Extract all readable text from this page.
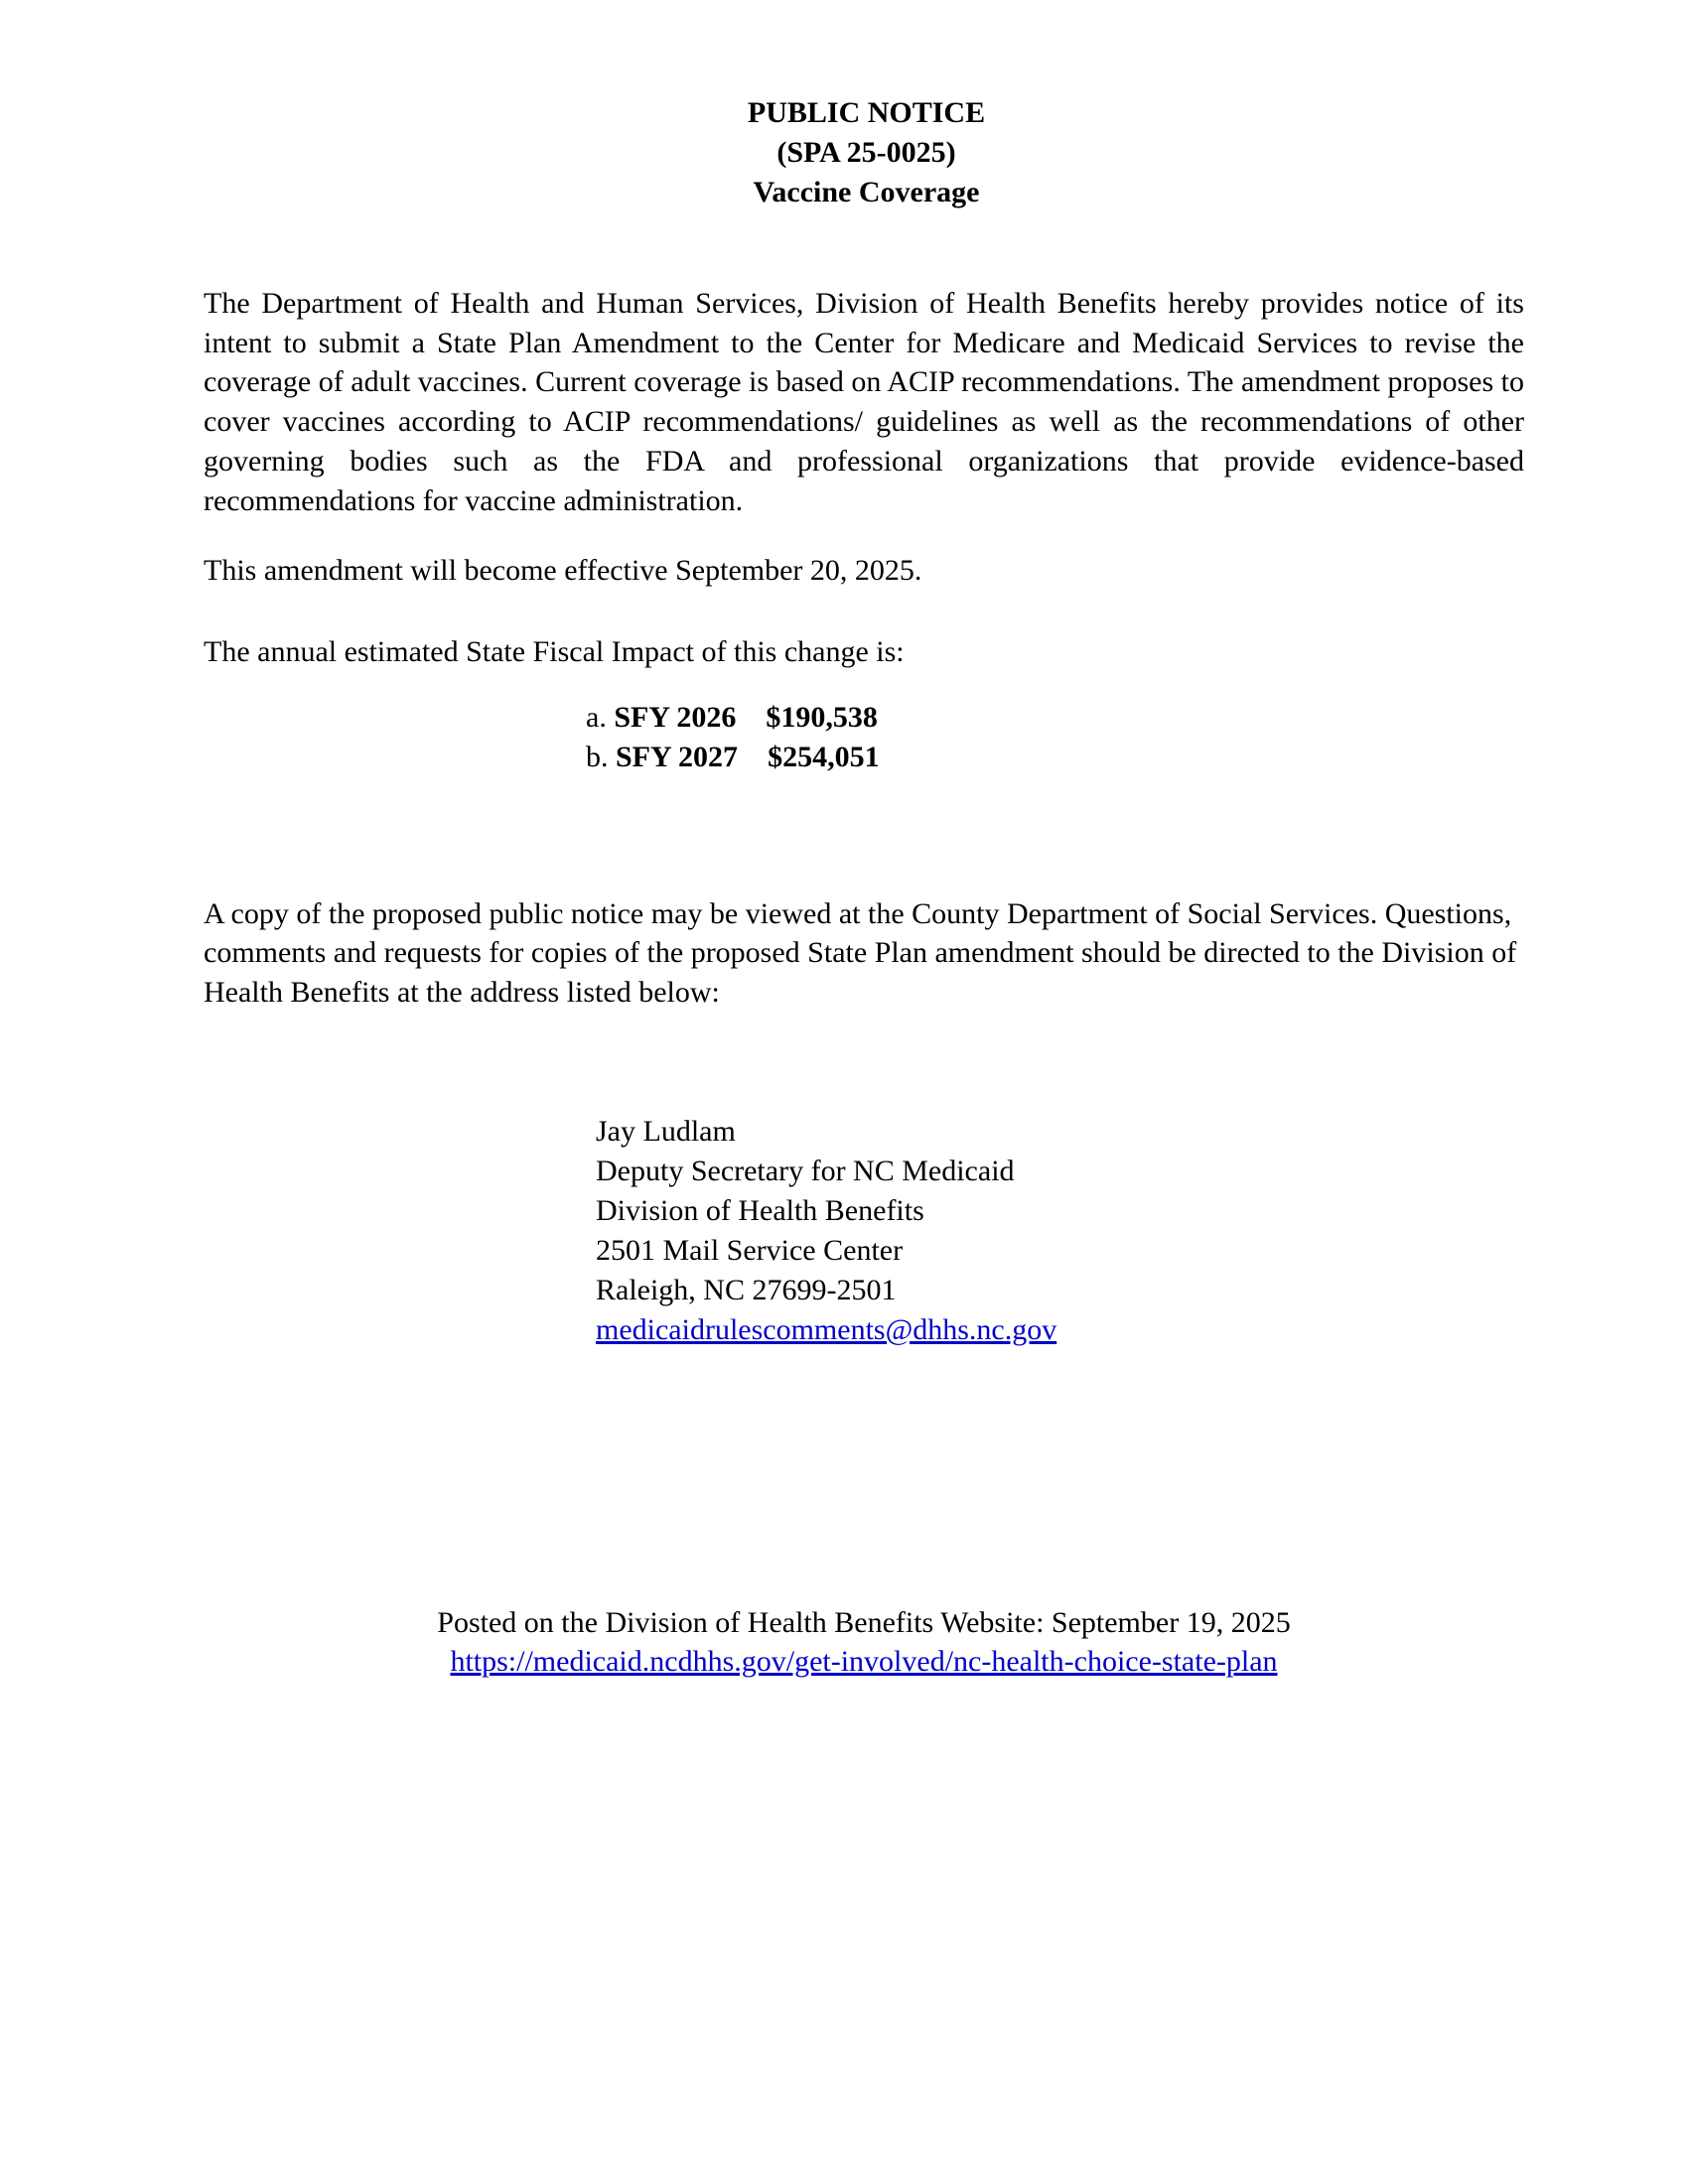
PUBLIC NOTICE
(SPA 25-0025)
Vaccine Coverage

The Department of Health and Human Services, Division of Health Benefits hereby provides notice of its intent to submit a State Plan Amendment to the Center for Medicare and Medicaid Services to revise the coverage of adult vaccines. Current coverage is based on ACIP recommendations. The amendment proposes to cover vaccines according to ACIP recommendations/ guidelines as well as the recommendations of other governing bodies such as the FDA and professional organizations that provide evidence-based recommendations for vaccine administration.

This amendment will become effective September 20, 2025.

The annual estimated State Fiscal Impact of this change is:

a. SFY 2026 $190,538
b. SFY 2027 $254,051

A copy of the proposed public notice may be viewed at the County Department of Social Services. Questions, comments and requests for copies of the proposed State Plan amendment should be directed to the Division of Health Benefits at the address listed below:

Jay Ludlam
Deputy Secretary for NC Medicaid
Division of Health Benefits
2501 Mail Service Center
Raleigh, NC 27699-2501
medicaidrulescomments@dhhs.nc.gov
Posted on the Division of Health Benefits Website: September 19, 2025
https://medicaid.ncdhhs.gov/get-involved/nc-health-choice-state-plan
